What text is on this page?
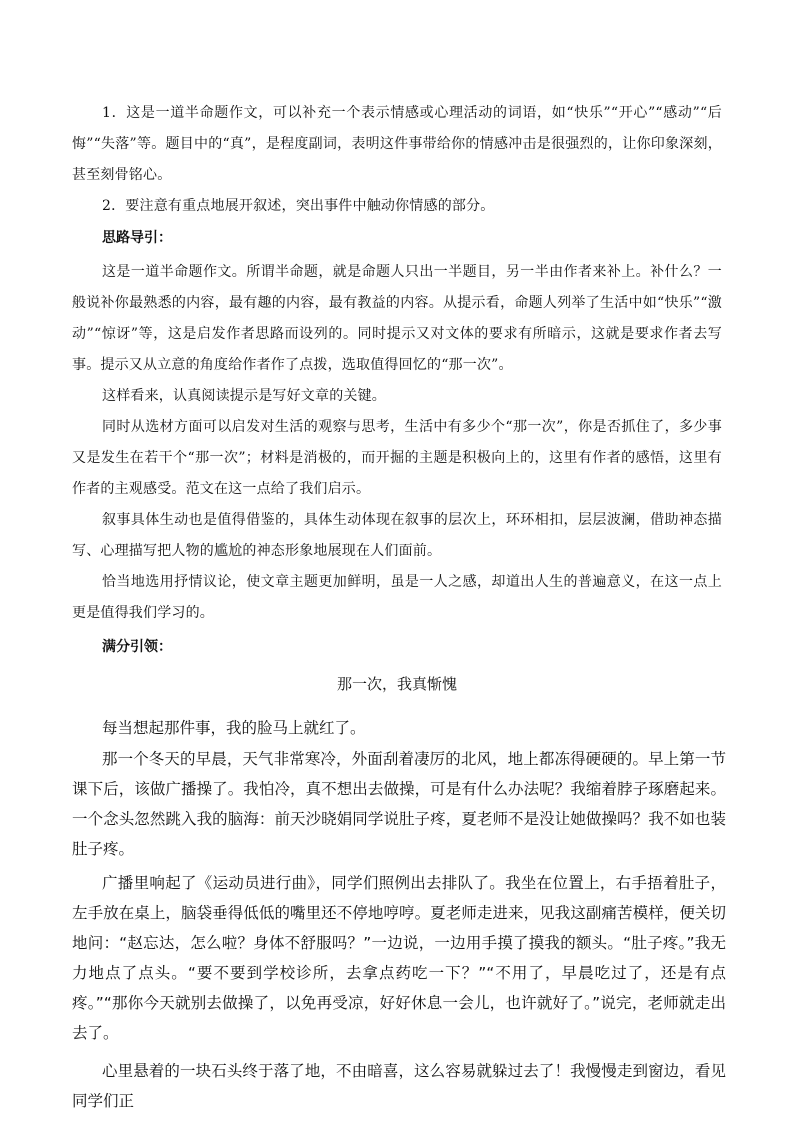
1．这是一道半命题作文，可以补充一个表示情感或心理活动的词语，如“快乐”“开心”“感动”“后悔”“失落”等。题目中的“真”，是程度副词，表明这件事带给你的情感冲击是很强烈的，让你印象深刻，甚至刻骨铭心。

2．要注意有重点地展开叙述，突出事件中触动你情感的部分。

思路导引：

这是一道半命题作文。所谓半命题，就是命题人只出一半题目，另一半由作者来补上。补什么？一般说补你最熟悉的内容，最有趣的内容，最有教益的内容。从提示看，命题人列举了生活中如“快乐”“激动”“惊讶”等，这是启发作者思路而设列的。同时提示又对文体的要求有所暗示，这就是要求作者去写事。提示又从立意的角度给作者作了点拨，选取值得回忆的“那一次”。

这样看来，认真阅读提示是写好文章的关键。

同时从选材方面可以启发对生活的观察与思考，生活中有多少个“那一次”，你是否抓住了，多少事又是发生在若干个“那一次”；材料是消极的，而开掘的主题是积极向上的，这里有作者的感悟，这里有作者的主观感受。范文在这一点给了我们启示。

叙事具体生动也是值得借鉴的，具体生动体现在叙事的层次上，环环相扣，层层波澜，借助神态描写、心理描写把人物的尴尬的神态形象地展现在人们面前。

恰当地选用抒情议论，使文章主题更加鲜明，虽是一人之感，却道出人生的普遍意义，在这一点上更是值得我们学习的。

满分引领：

那一次，我真惭愧

每当想起那件事，我的脸马上就红了。

那一个冬天的早晨，天气非常寒冷，外面刮着凄厉的北风，地上都冻得硬硬的。早上第一节课下后，该做广播操了。我怕冷，真不想出去做操，可是有什么办法呢？我缩着脖子琢磨起来。一个念头忽然跳入我的脑海：前天沙晓娟同学说肚子疼，夏老师不是没让她做操吗？我不如也装肚子疼。

广播里响起了《运动员进行曲》，同学们照例出去排队了。我坐在位置上，右手捂着肚子，左手放在桌上，脑袋垂得低低的嘴里还不停地哼哼。夏老师走进来，见我这副痛苦模样，便关切地问：“赵忘达，怎么啦？身体不舒服吗？”一边说，一边用手摸了摸我的额头。“肚子疼。”我无力地点了点头。“要不要到学校诊所，去拿点药吃一下？”“不用了，早晨吃过了，还是有点疼。”“那你今天就别去做操了，以免再受凉，好好休息一会儿，也许就好了。”说完，老师就走出去了。

心里悬着的一块石头终于落了地，不由暗喜，这么容易就躲过去了！我慢慢走到窗边，看见同学们正
